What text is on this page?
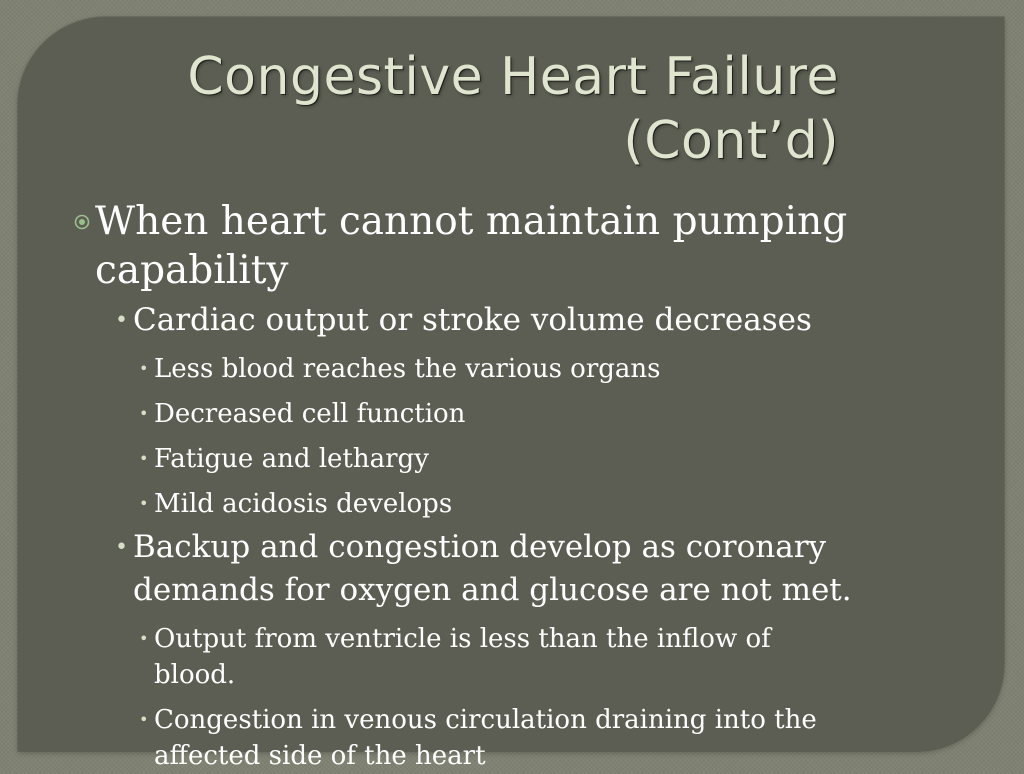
Congestive Heart Failure
(Cont’d)
When heart cannot maintain pumping capability
• Cardiac output or stroke volume decreases
• Less blood reaches the various organs
• Decreased cell function
• Fatigue and lethargy
• Mild acidosis develops
• Backup and congestion develop as coronary demands for oxygen and glucose are not met.
• Output from ventricle is less than the inflow of blood.
• Congestion in venous circulation draining into the affected side of the heart
